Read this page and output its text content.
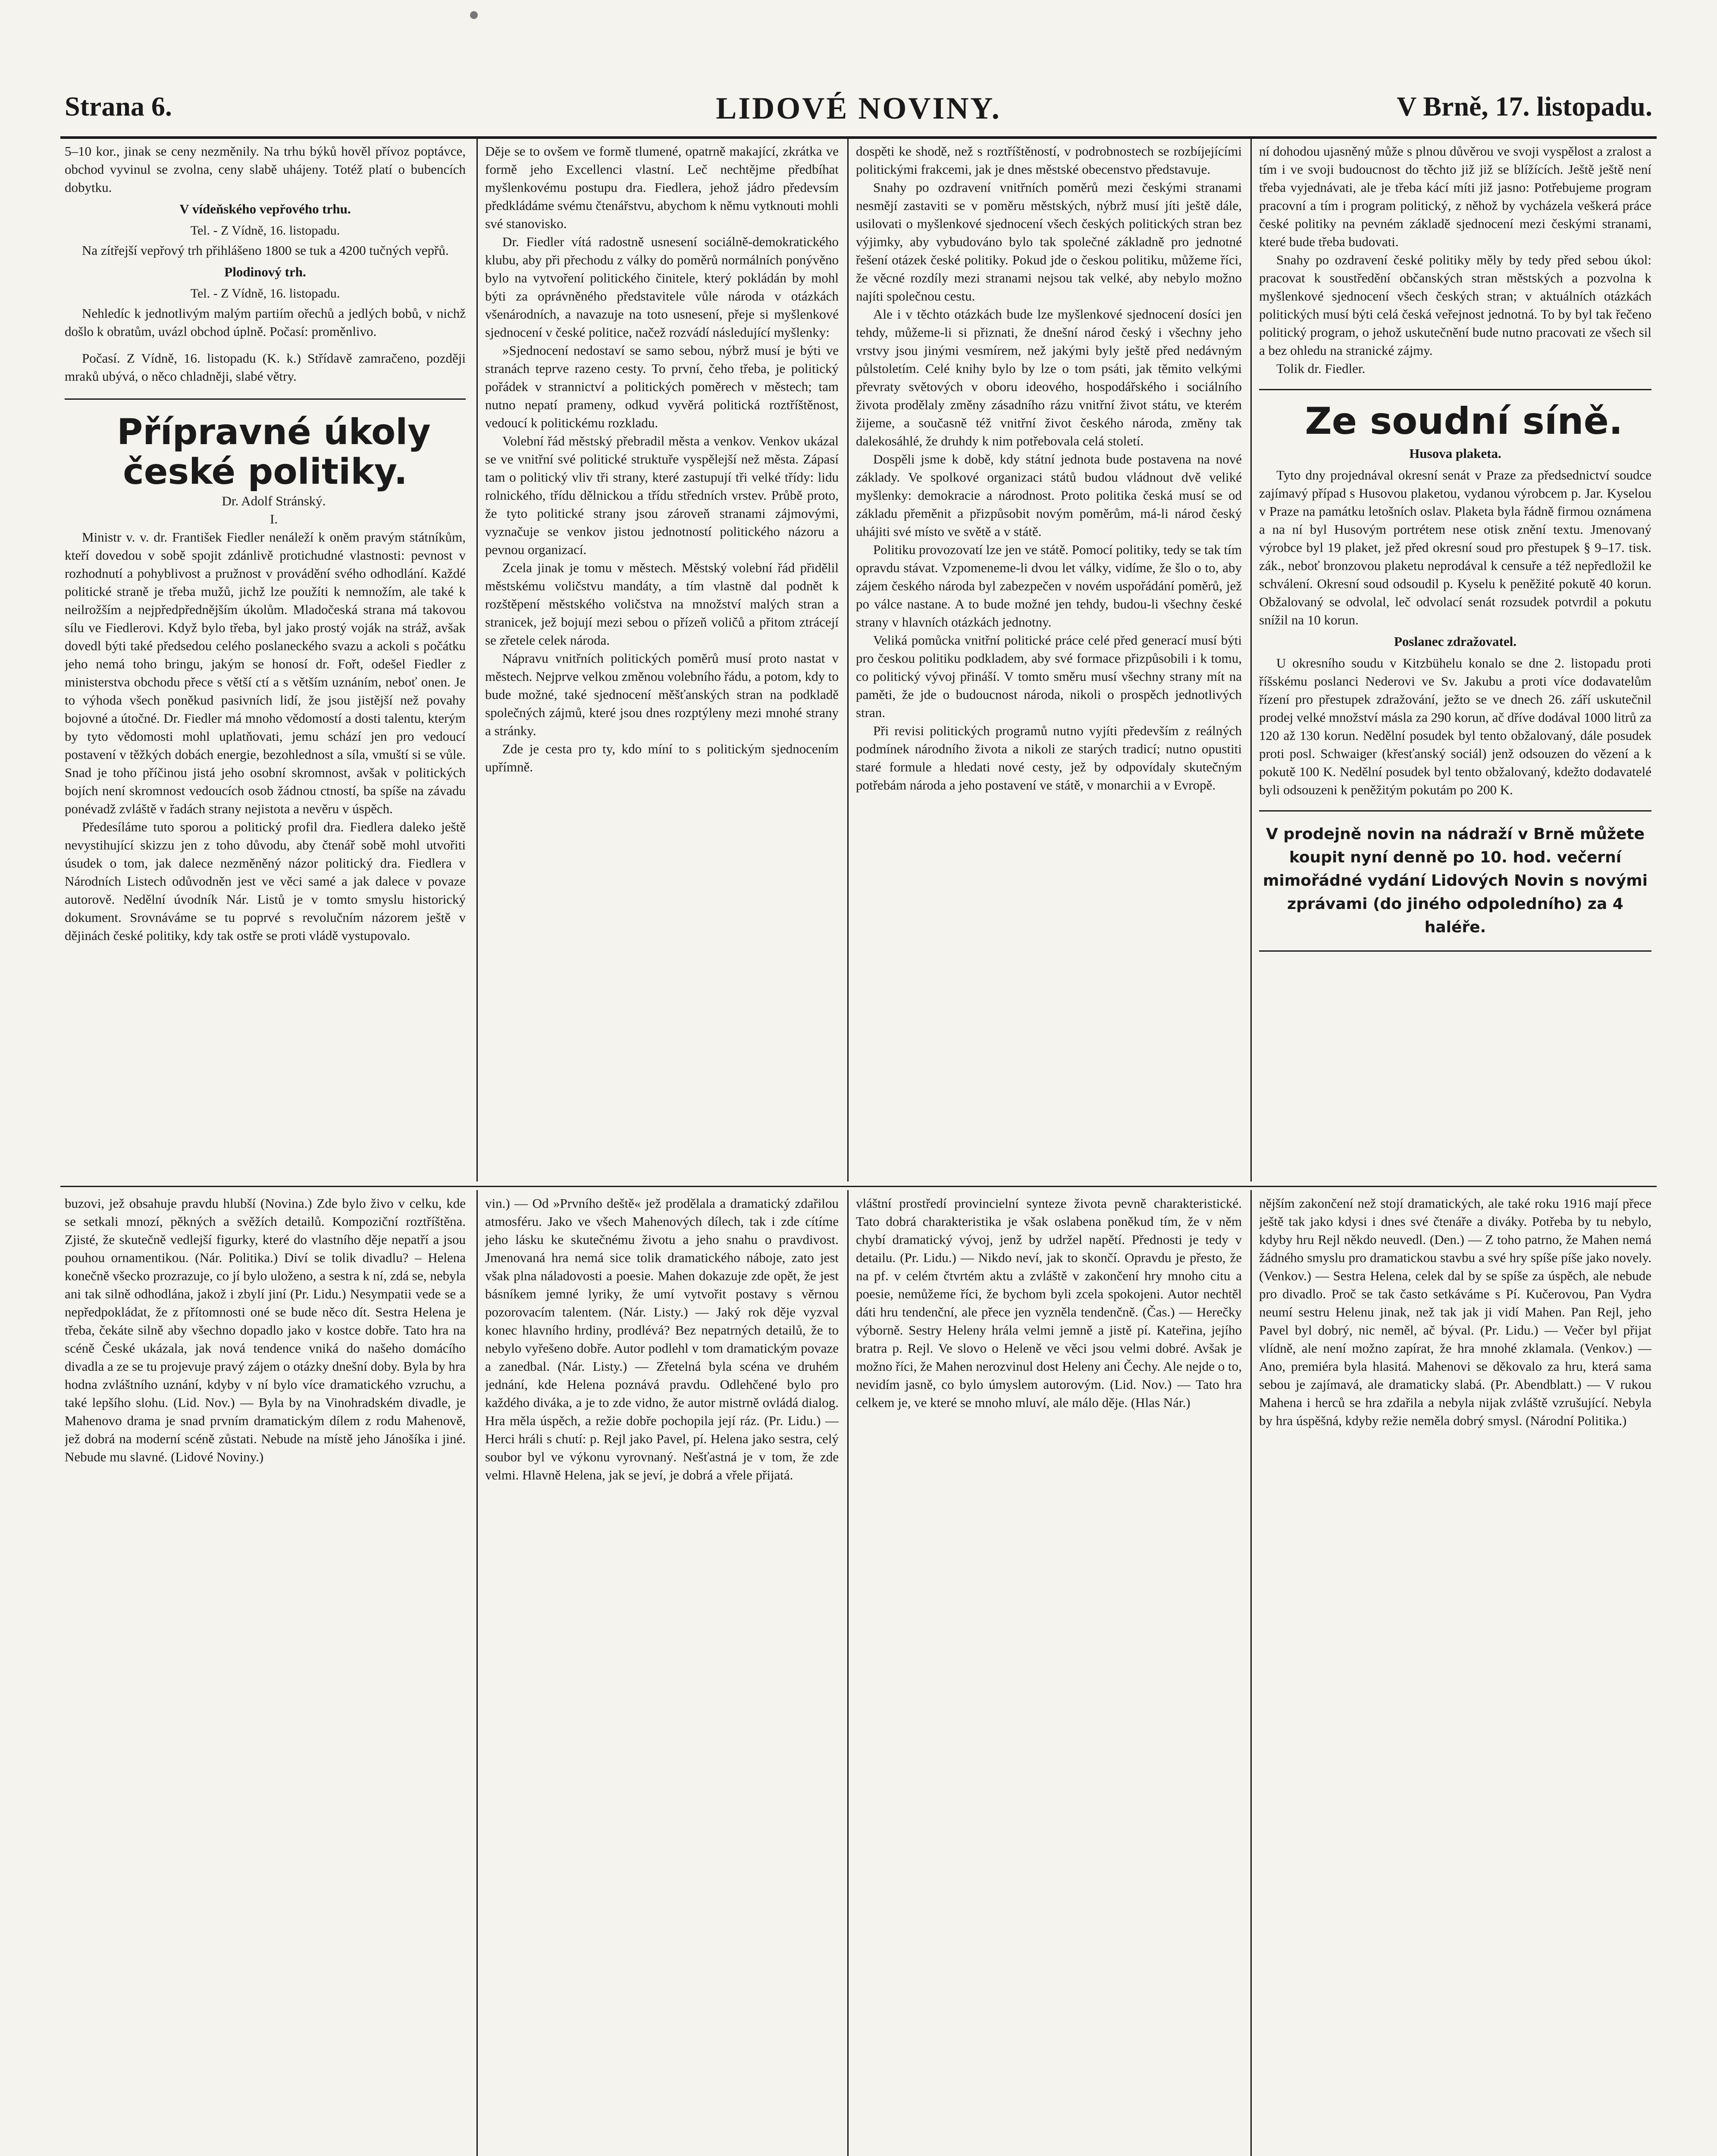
LIDOVÉ NOVINY.
Strana 6.	V Brně, 17. listopadu.

5–10 kor., jinak se ceny nezměnily. Na trhu býků hověl přívoz poptávce, obchod vyvinul se zvolna, ceny slabě uhájeny. Totéž platí o bubencích dobytku.

V vídeňského vepřového trhu.
Tel. - Z Vídně, 16. listopadu.

Na zítřejší vepřový trh přihlášeno 1800 se tuk a 4200 tučných vepřů.

Plodinový trh.
Tel. - Z Vídně, 16. listopadu.

Nehledíc k jednotlivým malým partiím ořechů a jedlých bobů, v nichž došlo k obratům, uvázl obchod úplně. Počasí: proměnlivo.

Počasí. Z Vídně, 16. listopadu (K. k.) Střídavě zamračeno, později mraků ubývá, o něco chladněji, slabé větry.

Přípravné úkoly české politiky.

Dr. Adolf Stránský.

I.

Ministr v. v. dr. František Fiedler nenáleží k oněm pravým státníkům, kteří dovedou v sobě spojit zdánlivě protichudné vlastnosti: pevnost v rozhodnutí a pohyblivost a pružnost v provádění svého odhodlání. Každé politické straně je třeba mužů, jichž lze použíti k nemnožím, ale také k neilrožším a nejpředpřednějším úkolům. Mladočeská strana má takovou sílu ve Fiedlerovi. Když bylo třeba, byl jako prostý voják na stráž, avšak dovedl býti také předsedou celého poslaneckého svazu a ackoli s počátku jeho nemá toho bringu, jakým se honosí dr. Fořt, odešel Fiedler z ministerstva obchodu přece s větší ctí a s větším uznáním, neboť onen. Je to výhoda všech poněkud pasivních lidí, že jsou jistější než povahy bojovné a útočné. Dr. Fiedler má mnoho vědomostí a dosti talentu, kterým by tyto vědomosti mohl uplatňovati, jemu schází jen pro vedoucí postavení v těžkých dobách energie, bezohlednost a síla, vmuští si se vůle. Snad je toho příčinou jistá jeho osobní skromnost, avšak v politických bojích není skromnost vedoucích osob žádnou ctností, ba spíše na závadu ponévadž zvláště v řadách strany nejistota a nevěru v úspěch.

Předesíláme tuto sporou a politický profil dra. Fiedlera daleko ještě nevystihující skizzu jen z toho důvodu, aby čtenář sobě mohl utvořiti úsudek o tom, jak dalece nezměněný názor politický dra. Fiedlera v Národních Listech odůvodněn jest ve věci samé a jak dalece v povaze autorově. Nedělní úvodník Nár. Listů je v tomto smyslu historický dokument. Srovnáváme se tu poprvé s revolučním názorem ještě v dějinách české politiky, kdy tak ostře se proti vládě vystupovalo.

Děje se to ovšem ve formě tlumené, opatrně makající, zkrátka ve formě jeho Excellenci vlastní. Leč nechtějme předbíhat myšlenkovému postupu dra. Fiedlera, jehož jádro předevsím předkládáme svému čtenářstvu, abychom k němu vytknouti mohli své stanovisko.

Dr. Fiedler vítá radostně usnesení sociálně-demokratického klubu, aby při přechodu z války do poměrů normálních ponývěno bylo na vytvoření politického činitele, který pokládán by mohl býti za oprávněného představitele vůle národa v otázkách všenárodních, a navazuje na toto usnesení, přeje si myšlenkové sjednocení v české politice, načež rozvádí následující myšlenky:

»Sjednocení nedostaví se samo sebou, nýbrž musí je býti ve stranách teprve razeno cesty. To první, čeho třeba, je politický pořádek v strannictví a politických poměrech v městech; tam nutno nepatí prameny, odkud vyvěrá politická roztříštěnost, vedoucí k politickému rozkladu.

Volební řád městský přebradil města a venkov. Venkov ukázal se ve vnitřní své politické struktuře vyspělejší než města. Zápasí tam o politický vliv tři strany, které zastupují tři velké třídy: lidu rolnického, třídu dělnickou a třídu středních vrstev. Průbě proto, že tyto politické strany jsou zároveň stranami zájmovými, vyznačuje se venkov jistou jednotností politického názoru a pevnou organizací.

Zcela jinak je tomu v městech. Městský volební řád přidělil městskému voličstvu mandáty, a tím vlastně dal podnět k rozštěpení městského voličstva na množství malých stran a stranicek, jež bojují mezi sebou o přízeň voličů a přitom ztrácejí se zřetele celek národa.

Nápravu vnitřních politických poměrů musí proto nastat v městech. Nejprve velkou změnou volebního řádu, a potom, kdy to bude možné, také sjednocení měšťanských stran na podkladě společných zájmů, které jsou dnes rozptýleny mezi mnohé strany a stránky.

Zde je cesta pro ty, kdo míní to s politickým sjednocením upřímně.

dospěti ke shodě, než s roztříštěností, v podrobnostech se rozbíjejícími politickými frakcemi, jak je dnes městské obecenstvo představuje.

Snahy po ozdravení vnitřních poměrů mezi českými stranami nesmějí zastaviti se v poměru městských, nýbrž musí jíti ještě dále, usilovati o myšlenkové sjednocení všech českých politických stran bez výjimky, aby vybudováno bylo tak společné základně pro jednotné řešení otázek české politiky. Pokud jde o českou politiku, můžeme říci, že věcné rozdíly mezi stranami nejsou tak velké, aby nebylo možno najíti společnou cestu.

Ale i v těchto otázkách bude lze myšlenkové sjednocení dosíci jen tehdy, můžeme-li si přiznati, že dnešní národ český i všechny jeho vrstvy jsou jinými vesmírem, než jakými byly ještě před nedávným půlstoletím. Celé knihy bylo by lze o tom psáti, jak těmito velkými převraty světových v oboru ideového, hospodářského i sociálního života prodělaly změny zásadního rázu vnitřní život státu, ve kterém žijeme, a současně též vnitřní život českého národa, změny tak dalekosáhlé, že druhdy k nim potřebovala celá století.

Dospěli jsme k době, kdy státní jednota bude postavena na nové základy. Ve spolkové organizaci států budou vládnout dvě veliké myšlenky: demokracie a národnost. Proto politika česká musí se od základu přeměnit a přizpůsobit novým poměrům, má-li národ český uhájiti své místo ve světě a v státě.

Politiku provozovatí lze jen ve státě. Pomocí politiky, tedy se tak tím opravdu stávat. Vzpomeneme-li dvou let války, vidíme, že šlo o to, aby zájem českého národa byl zabezpečen v novém uspořádání poměrů, jež po válce nastane. A to bude možné jen tehdy, budou-li všechny české strany v hlavních otázkách jednotny.

Veliká pomůcka vnitřní politické práce celé před generací musí býti pro českou politiku podkladem, aby své formace přizpůsobili i k tomu, co politický vývoj přináší. V tomto směru musí všechny strany mít na paměti, že jde o budoucnost národa, nikoli o prospěch jednotlivých stran.

Při revisi politických programů nutno vyjíti především z reálných podmínek národního života a nikoli ze starých tradicí; nutno opustiti staré formule a hledati nové cesty, jež by odpovídaly skutečným potřebám národa a jeho postavení ve státě, v monarchii a v Evropě.

ní dohodou ujasněný může s plnou důvěrou ve svoji vyspělost a zralost a tím i ve svoji budoucnost do těchto již již se blížících. Ještě ještě není třeba vyjednávati, ale je třeba kácí míti již jasno: Potřebujeme program pracovní a tím i program politický, z něhož by vycházela veškerá práce české politiky na pevném základě sjednocení mezi českými stranami, které bude třeba budovati.

Snahy po ozdravení české politiky měly by tedy před sebou úkol: pracovat k soustředění občanských stran městských a pozvolna k myšlenkové sjednocení všech českých stran; v aktuálních otázkách politických musí býti celá česká veřejnost jednotná. To by byl tak řečeno politický program, o jehož uskutečnění bude nutno pracovati ze všech sil a bez ohledu na stranické zájmy.

Tolik dr. Fiedler.

Ze soudní síně.

Husova plaketa.

Tyto dny projednával okresní senát v Praze za předsednictví soudce zajímavý případ s Husovou plaketou, vydanou výrobcem p. Jar. Kyselou v Praze na památku letošních oslav. Plaketa byla řádně firmou oznámena a na ní byl Husovým portrétem nese otisk znění textu. Jmenovaný výrobce byl 19 plaket, jež před okresní soud pro přestupek § 9–17. tisk. zák., neboť bronzovou plaketu neprodával k censuře a též nepředložil ke schválení. Okresní soud odsoudil p. Kyselu k peněžité pokutě 40 korun. Obžalovaný se odvolal, leč odvolací senát rozsudek potvrdil a pokutu snížil na 10 korun.

Poslanec zdražovatel.

U okresního soudu v Kitzbühelu konalo se dne 2. listopadu proti říšskému poslanci Nederovi ve Sv. Jakubu a proti více dodavatelům řízení pro přestupek zdražování, ježto se ve dnech 26. září uskutečnil prodej velké množství másla za 290 korun, ač dříve dodával 1000 litrů za 120 až 130 korun. Nedělní posudek byl tento obžalovaný, dále posudek proti posl. Schwaiger (křesťanský sociál) jenž odsouzen do vězení a k pokutě 100 K. Nedělní posudek byl tento obžalovaný, kdežto dodavatelé byli odsouzeni k peněžitým pokutám po 200 K.

V prodejně novin na nádraží v Brně můžete koupit nyní denně po 10. hod. večerní mimořádné vydání Lidových Novin s novými zprávami (do jiného odpoledního) za 4 haléře.

buzovi, jež obsahuje pravdu hlubší (Novina.) Zde bylo živo v celku, kde se setkali mnozí, pěkných a svěžích detailů. Kompoziční roztříštěna. Zjisté, že skutečně vedlejší figurky, které do vlastního děje nepatří a jsou pouhou ornamentikou. (Nár. Politika.) Diví se tolik divadlu? – Helena konečně všecko prozrazuje, co jí bylo uloženo, a sestra k ní, zdá se, nebyla ani tak silně odhodlána, jakož i zbylí jiní (Pr. Lidu.) Nesympatii vede se a nepředpokládat, že z přítomnosti oné se bude něco dít. Sestra Helena je třeba, čekáte silně aby všechno dopadlo jako v kostce dobře. Tato hra na scéně České ukázala, jak nová tendence vniká do našeho domácího divadla a ze se tu projevuje pravý zájem o otázky dnešní doby. Byla by hra hodna zvláštního uznání, kdyby v ní bylo více dramatického vzruchu, a také lepšího slohu. (Lid. Nov.) — Byla by na Vinohradském divadle, je Mahenovo drama je snad prvním dramatickým dílem z rodu Mahenově, jež dobrá na moderní scéně zůstati. Nebude na místě jeho Jánošíka i jiné. Nebude mu slavné. (Lidové Noviny.)

vin.) — Od »Prvního deště« jež prodělala a dramatický zdařilou atmosféru. Jako ve všech Mahenových dílech, tak i zde cítíme jeho lásku ke skutečnému životu a jeho snahu o pravdivost. Jmenovaná hra nemá sice tolik dramatického náboje, zato jest však plna náladovosti a poesie. Mahen dokazuje zde opět, že jest básníkem jemné lyriky, že umí vytvořit postavy s věrnou pozorovacím talentem. (Nár. Listy.) — Jaký rok děje vyzval konec hlavního hrdiny, prodlévá? Bez nepatrných detailů, že to nebylo vyřešeno dobře. Autor podlehl v tom dramatickým povaze a zanedbal. (Nár. Listy.) — Zřetelná byla scéna ve druhém jednání, kde Helena poznává pravdu. Odlehčené bylo pro každého diváka, a je to zde vidno, že autor mistrně ovládá dialog. Hra měla úspěch, a režie dobře pochopila její ráz. (Pr. Lidu.) — Herci hráli s chutí: p. Rejl jako Pavel, pí. Helena jako sestra, celý soubor byl ve výkonu vyrovnaný. Nešťastná je v tom, že zde velmi. Hlavně Helena, jak se jeví, je dobrá a vřele přijatá.

vláštní prostředí provincielní synteze života pevně charakteristické. Tato dobrá charakteristika je však oslabena poněkud tím, že v něm chybí dramatický vývoj, jenž by udržel napětí. Přednosti je tedy v detailu. (Pr. Lidu.) — Nikdo neví, jak to skončí. Opravdu je přesto, že na pf. v celém čtvrtém aktu a zvláště v zakončení hry mnoho citu a poesie, nemůžeme říci, že bychom byli zcela spokojeni. Autor nechtěl dáti hru tendenční, ale přece jen vyzněla tendenčně. (Čas.) — Herečky výborně. Sestry Heleny hrála velmi jemně a jistě pí. Kateřina, jejího bratra p. Rejl. Ve slovo o Heleně ve věci jsou velmi dobré. Avšak je možno říci, že Mahen nerozvinul dost Heleny ani Čechy. Ale nejde o to, nevidím jasně, co bylo úmyslem autorovým. (Lid. Nov.) — Tato hra celkem je, ve které se mnoho mluví, ale málo děje. (Hlas Nár.)

nějším zakončení než stojí dramatických, ale také roku 1916 mají přece ještě tak jako kdysi i dnes své čtenáře a diváky. Potřeba by tu nebylo, kdyby hru Rejl někdo neuvedl. (Den.) — Z toho patrno, že Mahen nemá žádného smyslu pro dramatickou stavbu a své hry spíše píše jako novely. (Venkov.) — Sestra Helena, celek dal by se spíše za úspěch, ale nebude pro divadlo. Proč se tak často setkáváme s Pí. Kučerovou, Pan Vydra neumí sestru Helenu jinak, než tak jak ji vidí Mahen. Pan Rejl, jeho Pavel byl dobrý, nic neměl, ač býval. (Pr. Lidu.) — Večer byl přijat vlídně, ale není možno zapírat, že hra mnohé zklamala. (Venkov.) — Ano, premiéra byla hlasitá. Mahenovi se děkovalo za hru, která sama sebou je zajímavá, ale dramaticky slabá. (Pr. Abendblatt.) — V rukou Mahena i herců se hra zdařila a nebyla nijak zvláště vzrušující. Nebyla by hra úspěšná, kdyby režie neměla dobrý smysl. (Národní Politika.)
